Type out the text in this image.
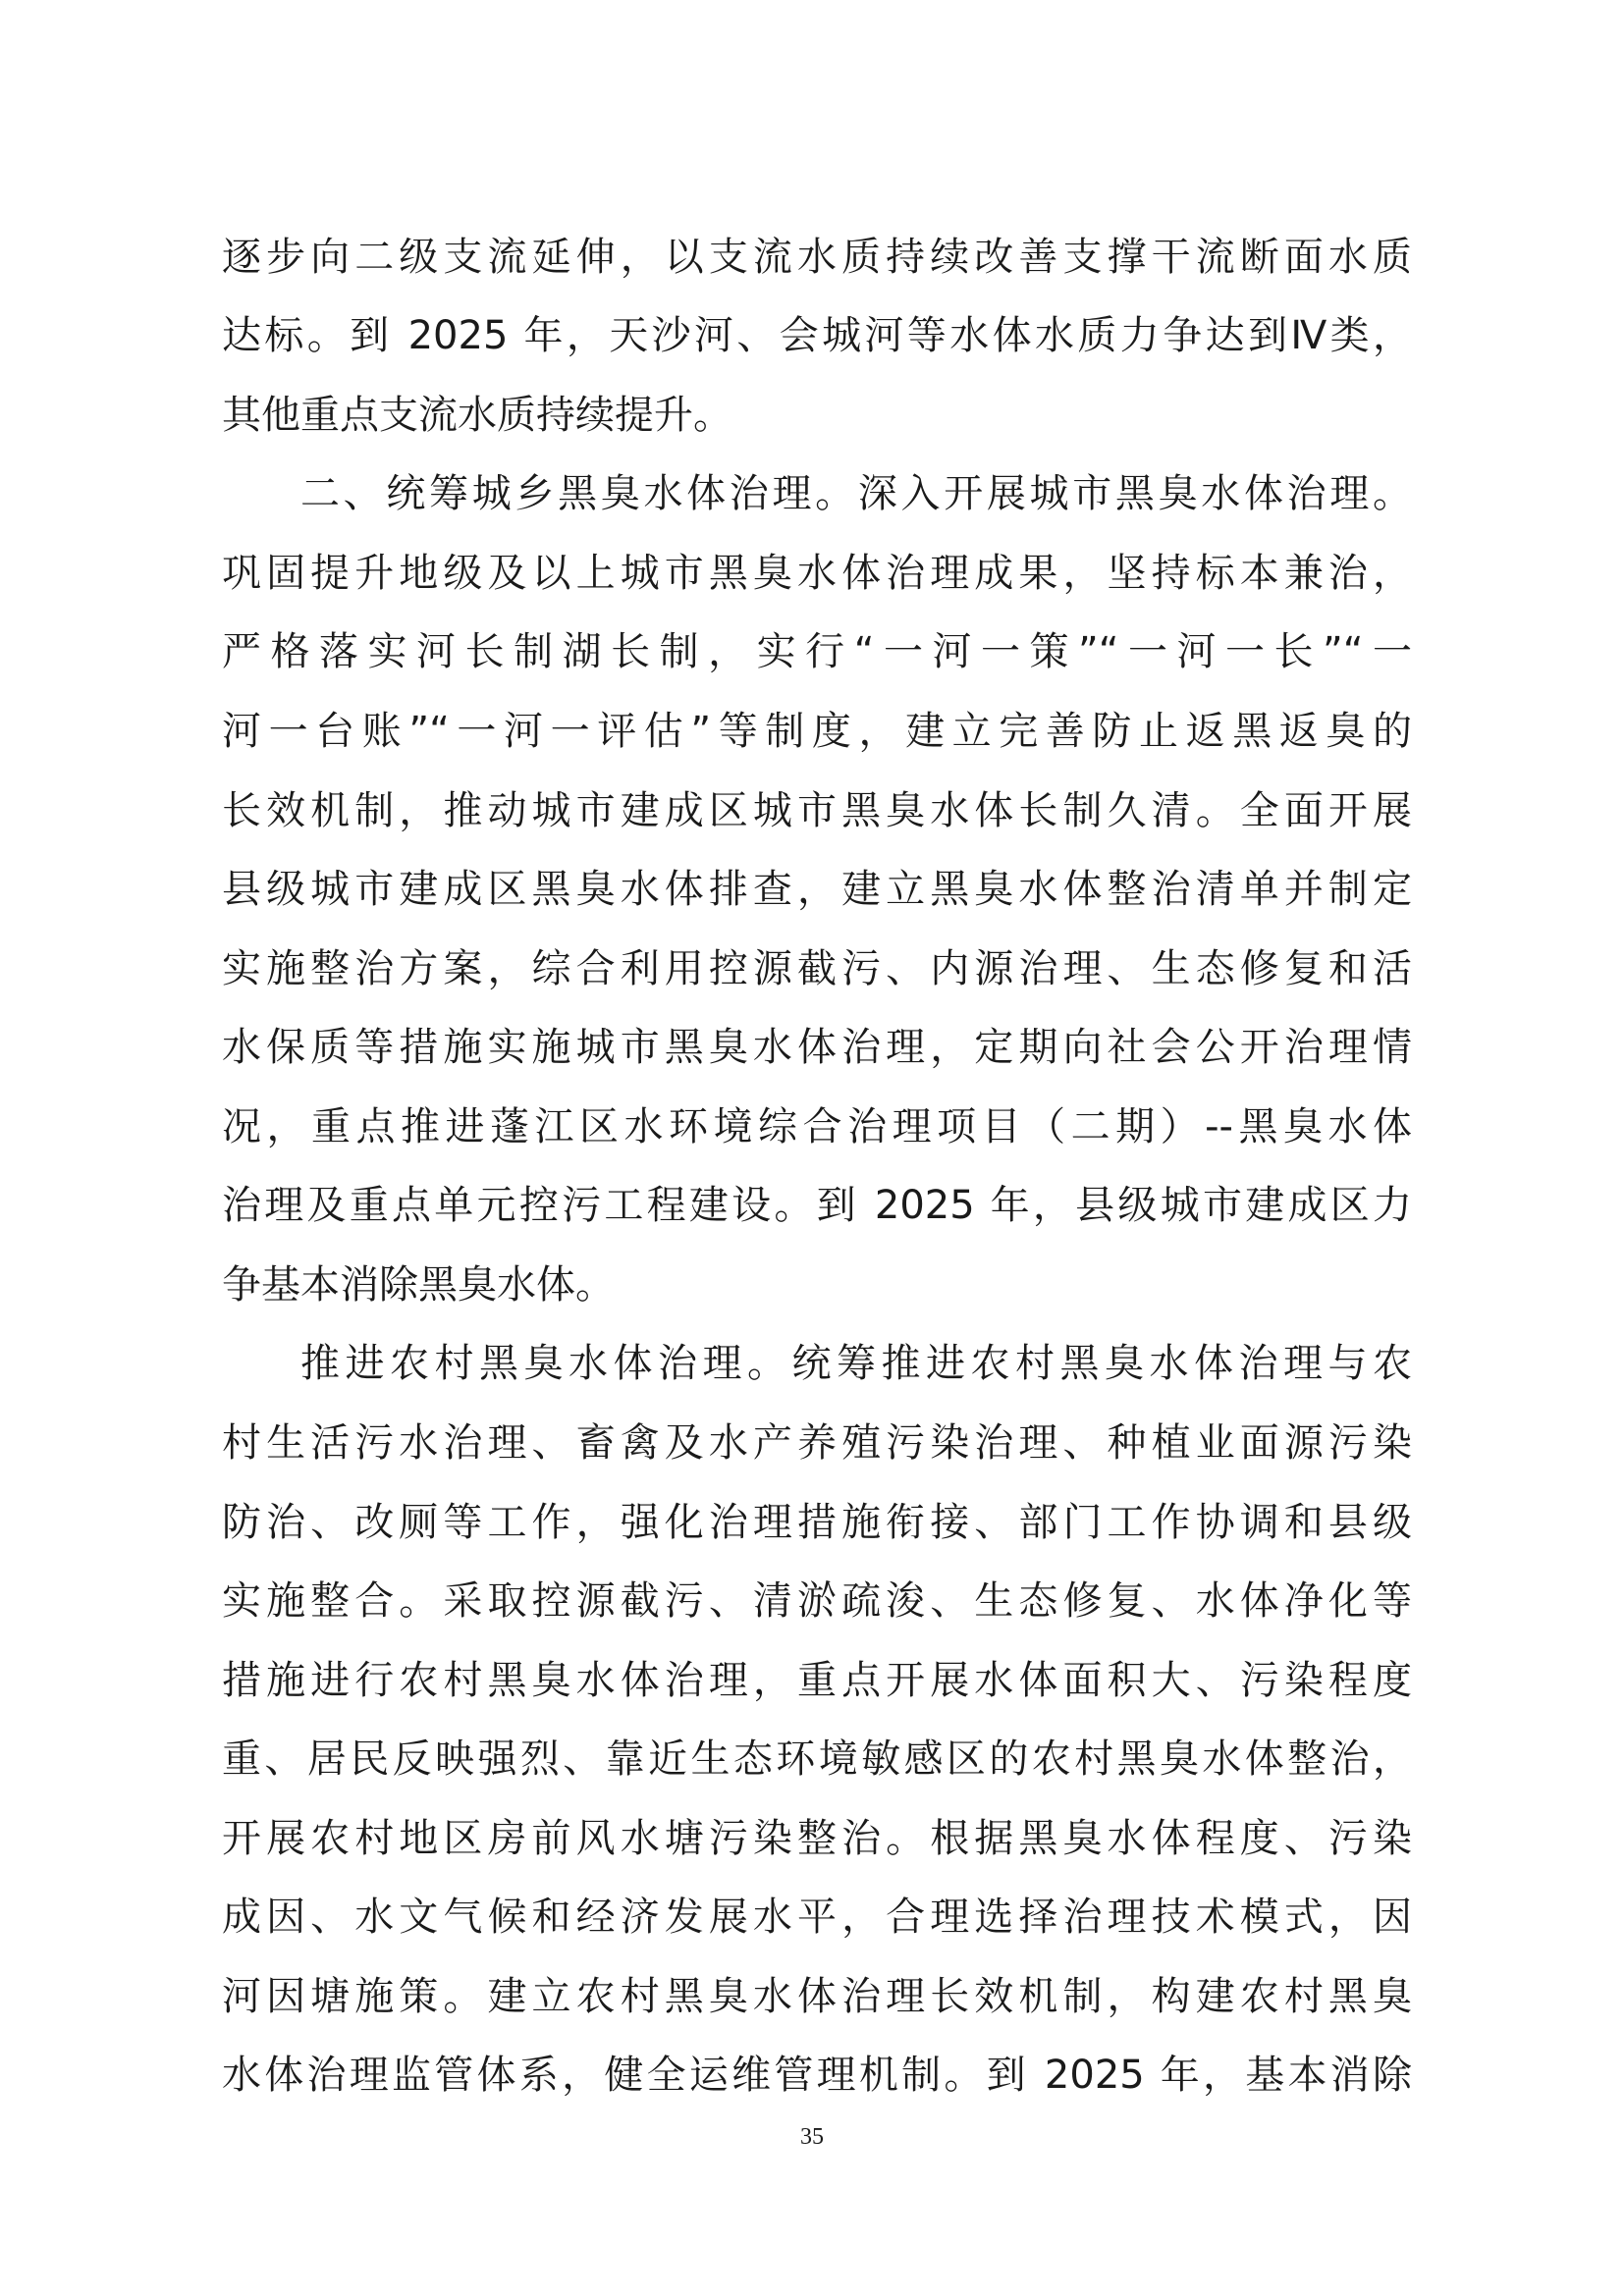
逐步向二级支流延伸，以支流水质持续改善支撑干流断面水质
达标。到 2025 年，天沙河、会城河等水体水质力争达到Ⅳ类，
其他重点支流水质持续提升。
二、统筹城乡黑臭水体治理。深入开展城市黑臭水体治理。
巩固提升地级及以上城市黑臭水体治理成果，坚持标本兼治，
严格落实河长制湖长制，实行“一河一策”“一河一长”“一
河一台账”“一河一评估”等制度，建立完善防止返黑返臭的
长效机制，推动城市建成区城市黑臭水体长制久清。全面开展
县级城市建成区黑臭水体排查，建立黑臭水体整治清单并制定
实施整治方案，综合利用控源截污、内源治理、生态修复和活
水保质等措施实施城市黑臭水体治理，定期向社会公开治理情
况，重点推进蓬江区水环境综合治理项目（二期）--黑臭水体
治理及重点单元控污工程建设。到 2025 年，县级城市建成区力
争基本消除黑臭水体。
推进农村黑臭水体治理。统筹推进农村黑臭水体治理与农
村生活污水治理、畜禽及水产养殖污染治理、种植业面源污染
防治、改厕等工作，强化治理措施衔接、部门工作协调和县级
实施整合。采取控源截污、清淤疏浚、生态修复、水体净化等
措施进行农村黑臭水体治理，重点开展水体面积大、污染程度
重、居民反映强烈、靠近生态环境敏感区的农村黑臭水体整治，
开展农村地区房前风水塘污染整治。根据黑臭水体程度、污染
成因、水文气候和经济发展水平，合理选择治理技术模式，因
河因塘施策。建立农村黑臭水体治理长效机制，构建农村黑臭
水体治理监管体系，健全运维管理机制。到 2025 年，基本消除
35
